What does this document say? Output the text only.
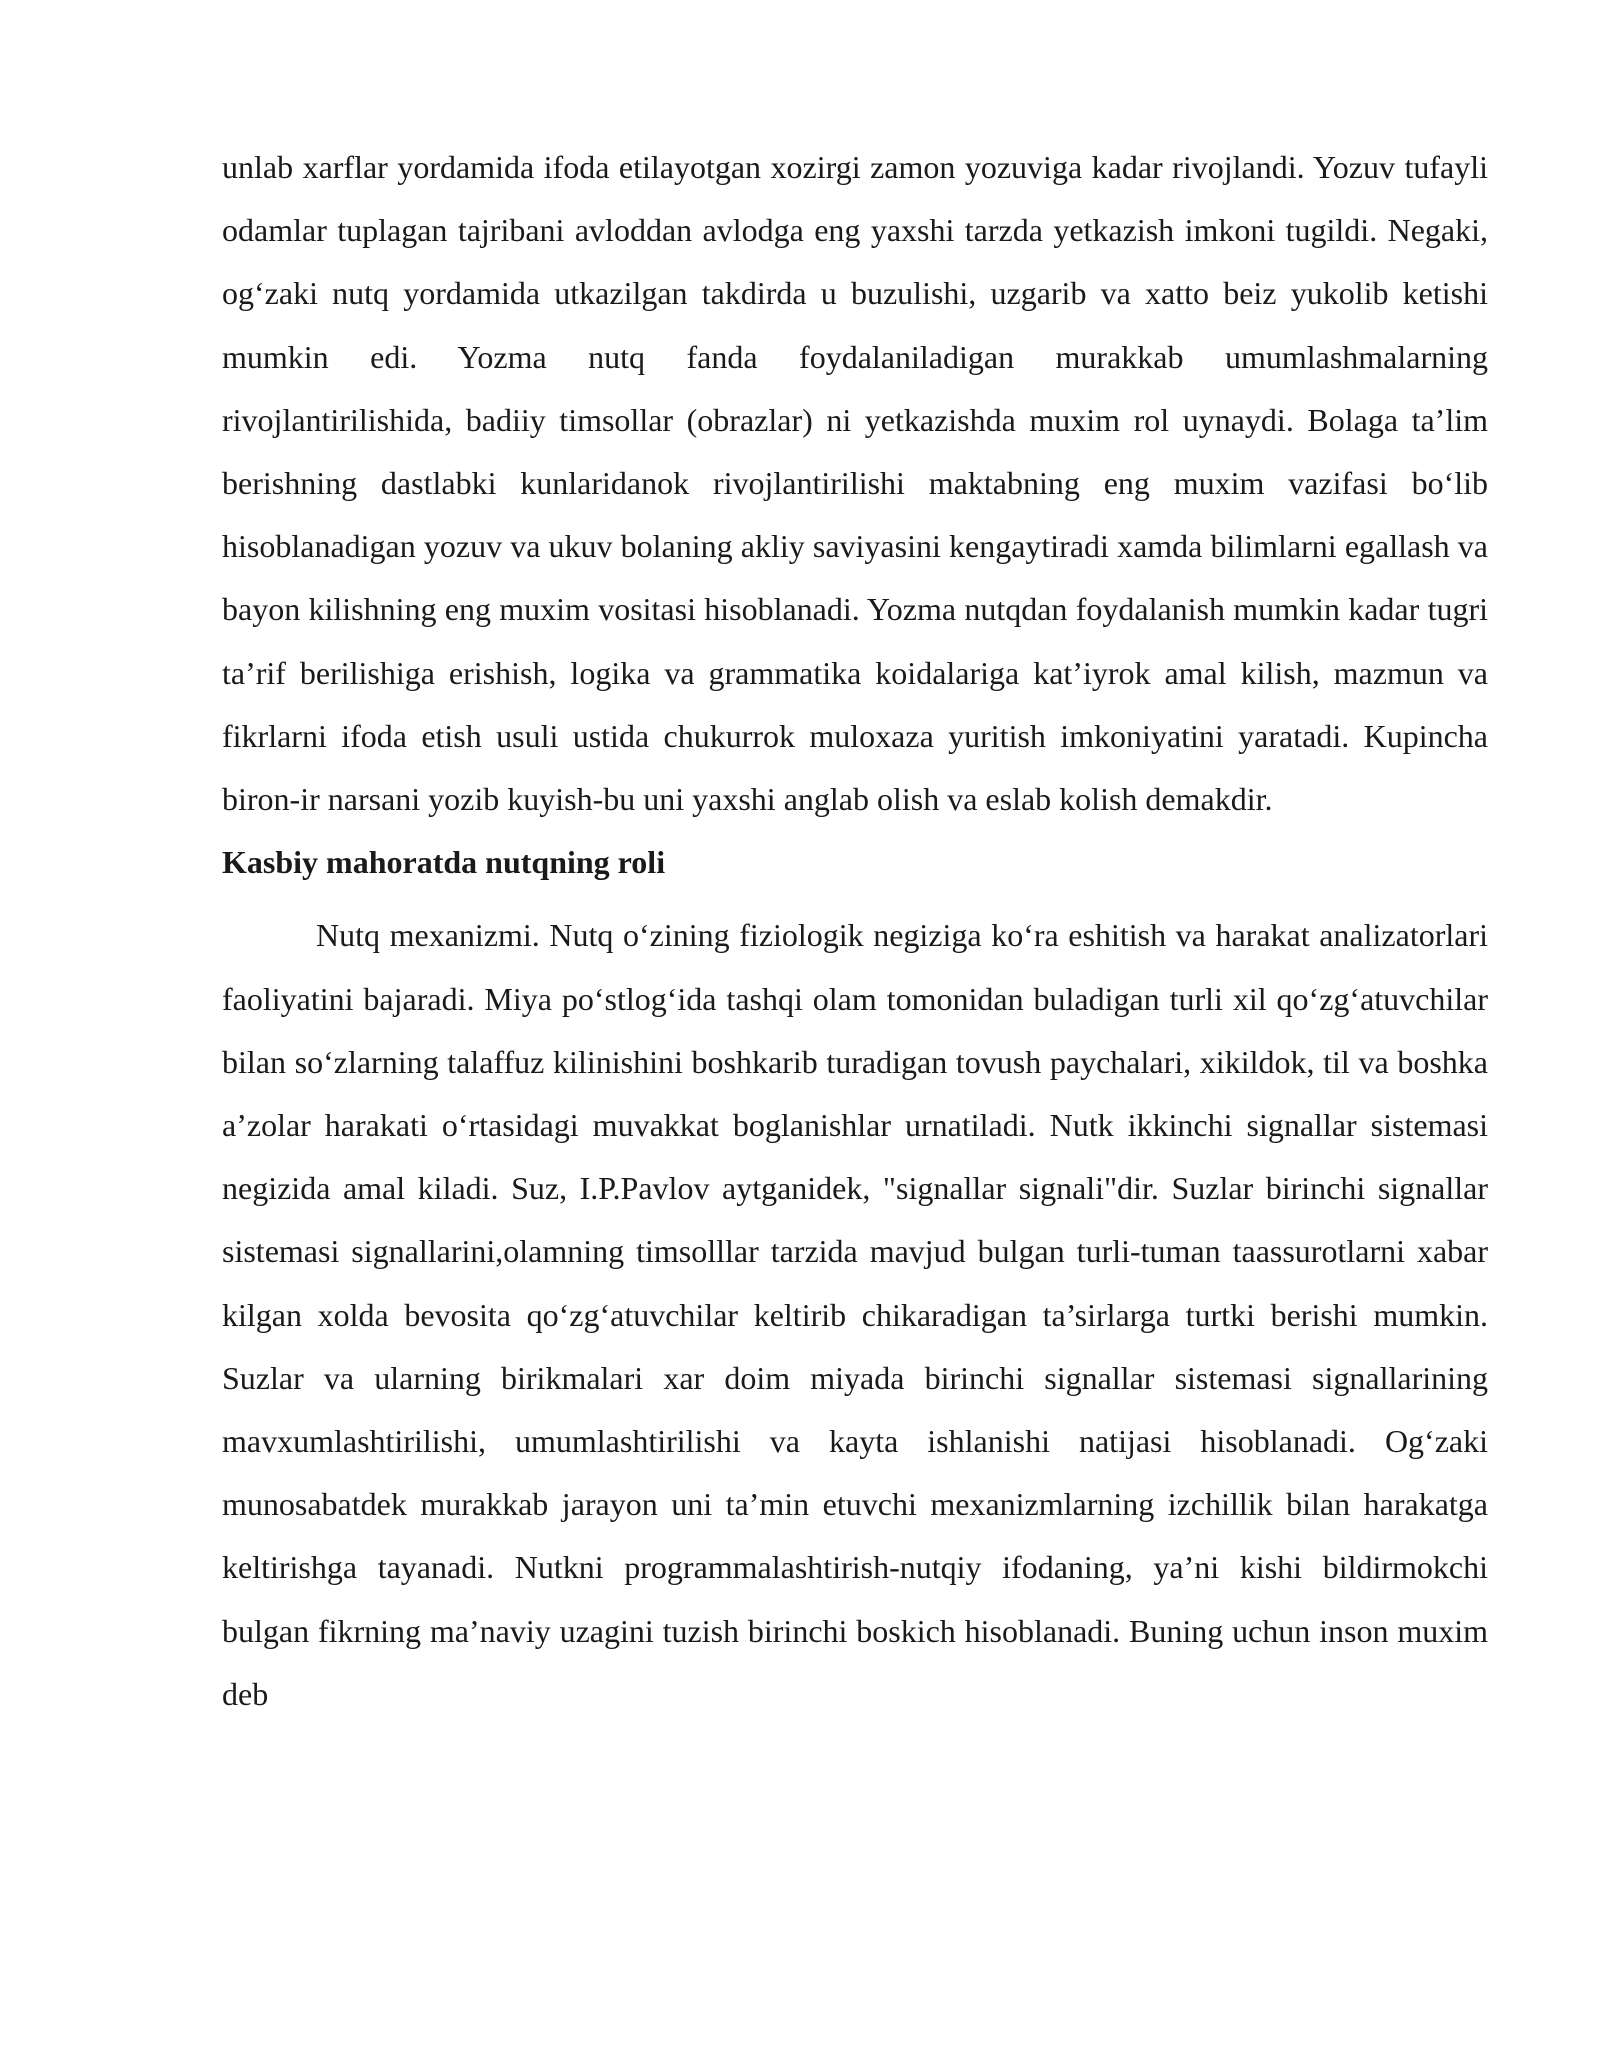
unlab xarflar yordamida ifoda etilayotgan xozirgi zamon yozuviga kadar rivojlandi. Yozuv tufayli odamlar tuplagan tajribani avloddan avlodga eng yaxshi tarzda yetkazish imkoni tugildi. Negaki, og‘zaki nutq yordamida utkazilgan takdirda u buzulishi, uzgarib va xatto beiz yukolib ketishi mumkin edi. Yozma nutq fanda foydalaniladigan murakkab umumlashmalarning rivojlantirilishida, badiiy timsollar (obrazlar) ni yetkazishda muxim rol uynaydi. Bolaga ta’lim berishning dastlabki kunlaridanok rivojlantirilishi maktabning eng muxim vazifasi bo‘lib hisoblanadigan yozuv va ukuv bolaning akliy saviyasini kengaytiradi xamda bilimlarni egallash va bayon kilishning eng muxim vositasi hisoblanadi. Yozma nutqdan foydalanish mumkin kadar tugri ta’rif berilishiga erishish, logika va grammatika koidalariga kat’iyrok amal kilish, mazmun va fikrlarni ifoda etish usuli ustida chukurrok muloxaza yuritish imkoniyatini yaratadi. Kupincha biron-ir narsani yozib kuyish-bu uni yaxshi anglab olish va eslab kolish demakdir.

Kasbiy mahoratda nutqning roli

Nutq mexanizmi. Nutq o‘zining fiziologik negiziga ko‘ra eshitish va harakat analizatorlari faoliyatini bajaradi. Miya po‘stlog‘ida tashqi olam tomonidan buladigan turli xil qo‘zg‘atuvchilar bilan so‘zlarning talaffuz kilinishini boshkarib turadigan tovush paychalari, xikildok, til va boshka a’zolar harakati o‘rtasidagi muvakkat boglanishlar urnatiladi. Nutk ikkinchi signallar sistemasi negizida amal kiladi. Suz, I.P.Pavlov aytganidek, "signallar signali"dir. Suzlar birinchi signallar sistemasi signallarini,olamning timsolllar tarzida mavjud bulgan turli-tuman taassurotlarni xabar kilgan xolda bevosita qo‘zg‘atuvchilar keltirib chikaradigan ta’sirlarga turtki berishi mumkin. Suzlar va ularning birikmalari xar doim miyada birinchi signallar sistemasi signallarining mavxumlashtirilishi, umumlashtirilishi va kayta ishlanishi natijasi hisoblanadi. Og‘zaki munosabatdek murakkab jarayon uni ta’min etuvchi mexanizmlarning izchillik bilan harakatga keltirishga tayanadi. Nutkni programmalashtirish-nutqiy ifodaning, ya’ni kishi bildirmokchi bulgan fikrning ma’naviy uzagini tuzish birinchi boskich hisoblanadi. Buning uchun inson muxim deb
